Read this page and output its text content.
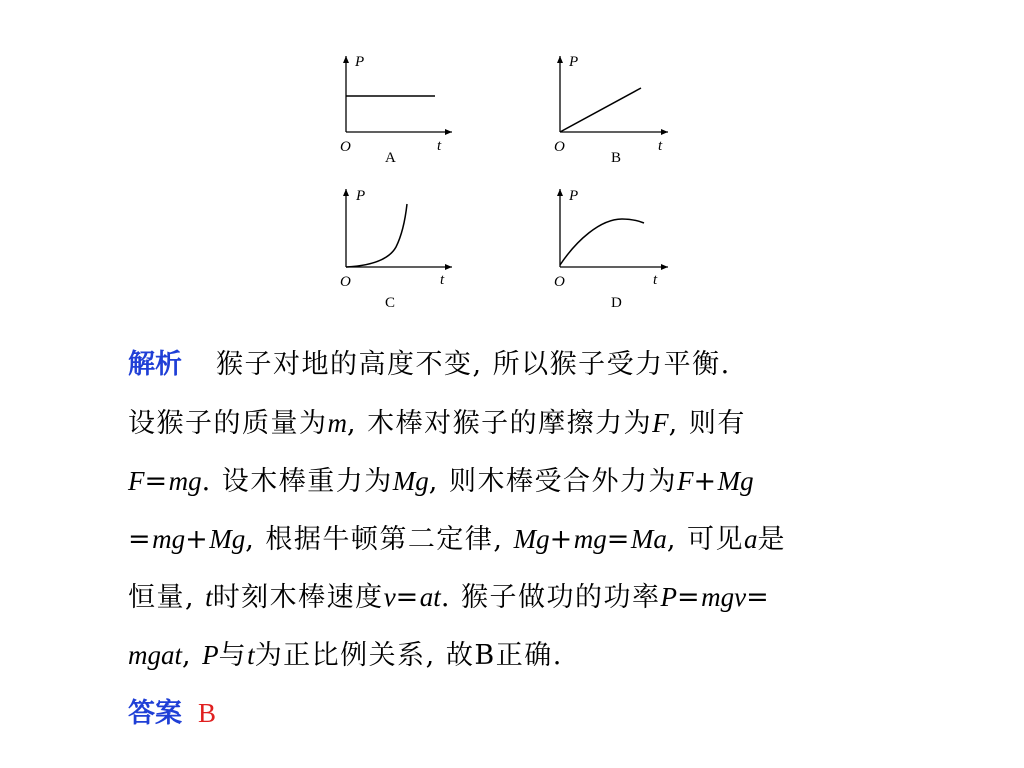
P
t
O
A
P
t
O
B
P
t
O
C
P
t
O
D
解析 猴子对地的高度不变, 所以猴子受力平衡.
设猴子的质量为m, 木棒对猴子的摩擦力为F, 则有
F=mg. 设木棒重力为Mg, 则木棒受合外力为F+Mg
=mg+Mg, 根据牛顿第二定律, Mg+mg=Ma, 可见a是
恒量, t时刻木棒速度v=at. 猴子做功的功率P=mgv=
mgat, P与t为正比例关系, 故B正确.
答案 B
